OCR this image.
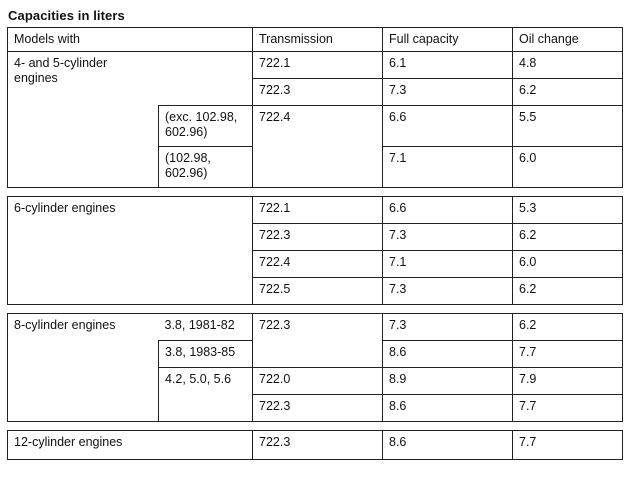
Capacities in liters
Models with		Transmission	Full capacity	Oil change
4- and 5-cylinder engines		722.1	6.1	4.8
		722.3	7.3	6.2
	(exc. 102.98, 602.96)	722.4	6.6	5.5
	(102.98, 602.96)		7.1	6.0

6-cylinder engines		722.1	6.6	5.3
		722.3	7.3	6.2
		722.4	7.1	6.0
		722.5	7.3	6.2

8-cylinder engines	3.8, 1981-82	722.3	7.3	6.2
	3.8, 1983-85		8.6	7.7
	4.2, 5.0, 5.6	722.0	8.9	7.9
		722.3	8.6	7.7

12-cylinder engines		722.3	8.6	7.7
